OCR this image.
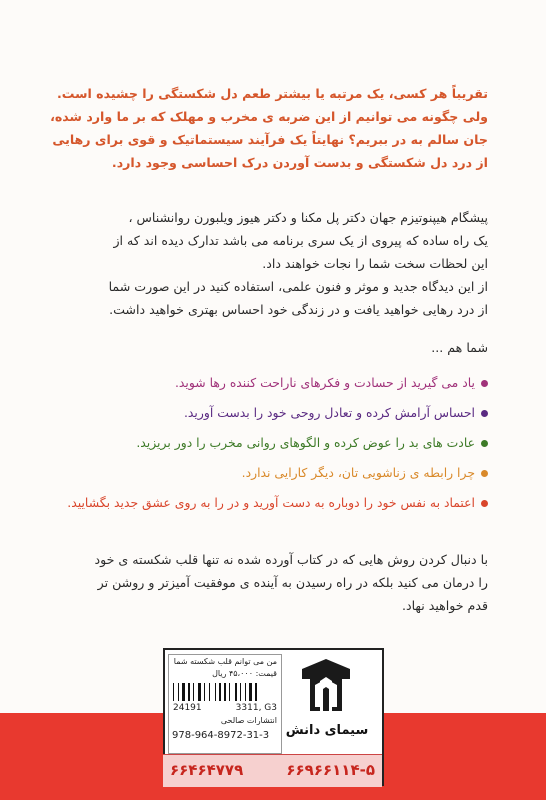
تقریباً هر کسی، یک مرتبه یا بیشتر طعم دل شکستگی را چشیده است.
ولی چگونه می توانیم از این ضربه ی مخرب و مهلک که بر ما وارد شده،
جان سالم به در ببریم؟ نهایتاً یک فرآیند سیستماتیک و قوی برای رهایی
از درد دل شکستگی و بدست آوردن درک احساسی وجود دارد.
پیشگام هیپنوتیزم جهان دکتر پل مکنا و دکتر هیوز ویلبورن روانشناس ،
یک راه ساده که پیروی از یک سری برنامه می باشد تدارک دیده اند که از
این لحظات سخت شما را نجات خواهند داد.
از این دیدگاه جدید و موثر و فنون علمی، استفاده کنید در این صورت شما
از درد رهایی خواهید یافت و در زندگی خود احساس بهتری خواهید داشت.
شما هم ...
یاد می گیرید از حسادت و فکرهای ناراحت کننده رها شوید.
احساس آرامش کرده و تعادل روحی خود را بدست آورید.
عادت های بد را عوض کرده و الگوهای روانی مخرب را دور بریزید.
چرا رابطه ی زناشویی تان، دیگر کارایی ندارد.
اعتماد به نفس خود را دوباره به دست آورید و در را به روی عشق جدید بگشایید.
با دنبال کردن روش هایی که در کتاب آورده شده نه تنها قلب شکسته ی خود
را درمان می کنید بلکه در راه رسیدن به آینده ی موفقیت آمیزتر و روشن تر
قدم خواهید نهاد.
من می توانم قلب شکسته شما
قیمت: ۴۵،۰۰۰ ریال
24191	3311, G3
انتشارات صالحی
978-964-8972-31-3 سیمای دانش
۶۶۴۶۴۷۷۹	۶۶۹۶۶۱۱۴-۵
